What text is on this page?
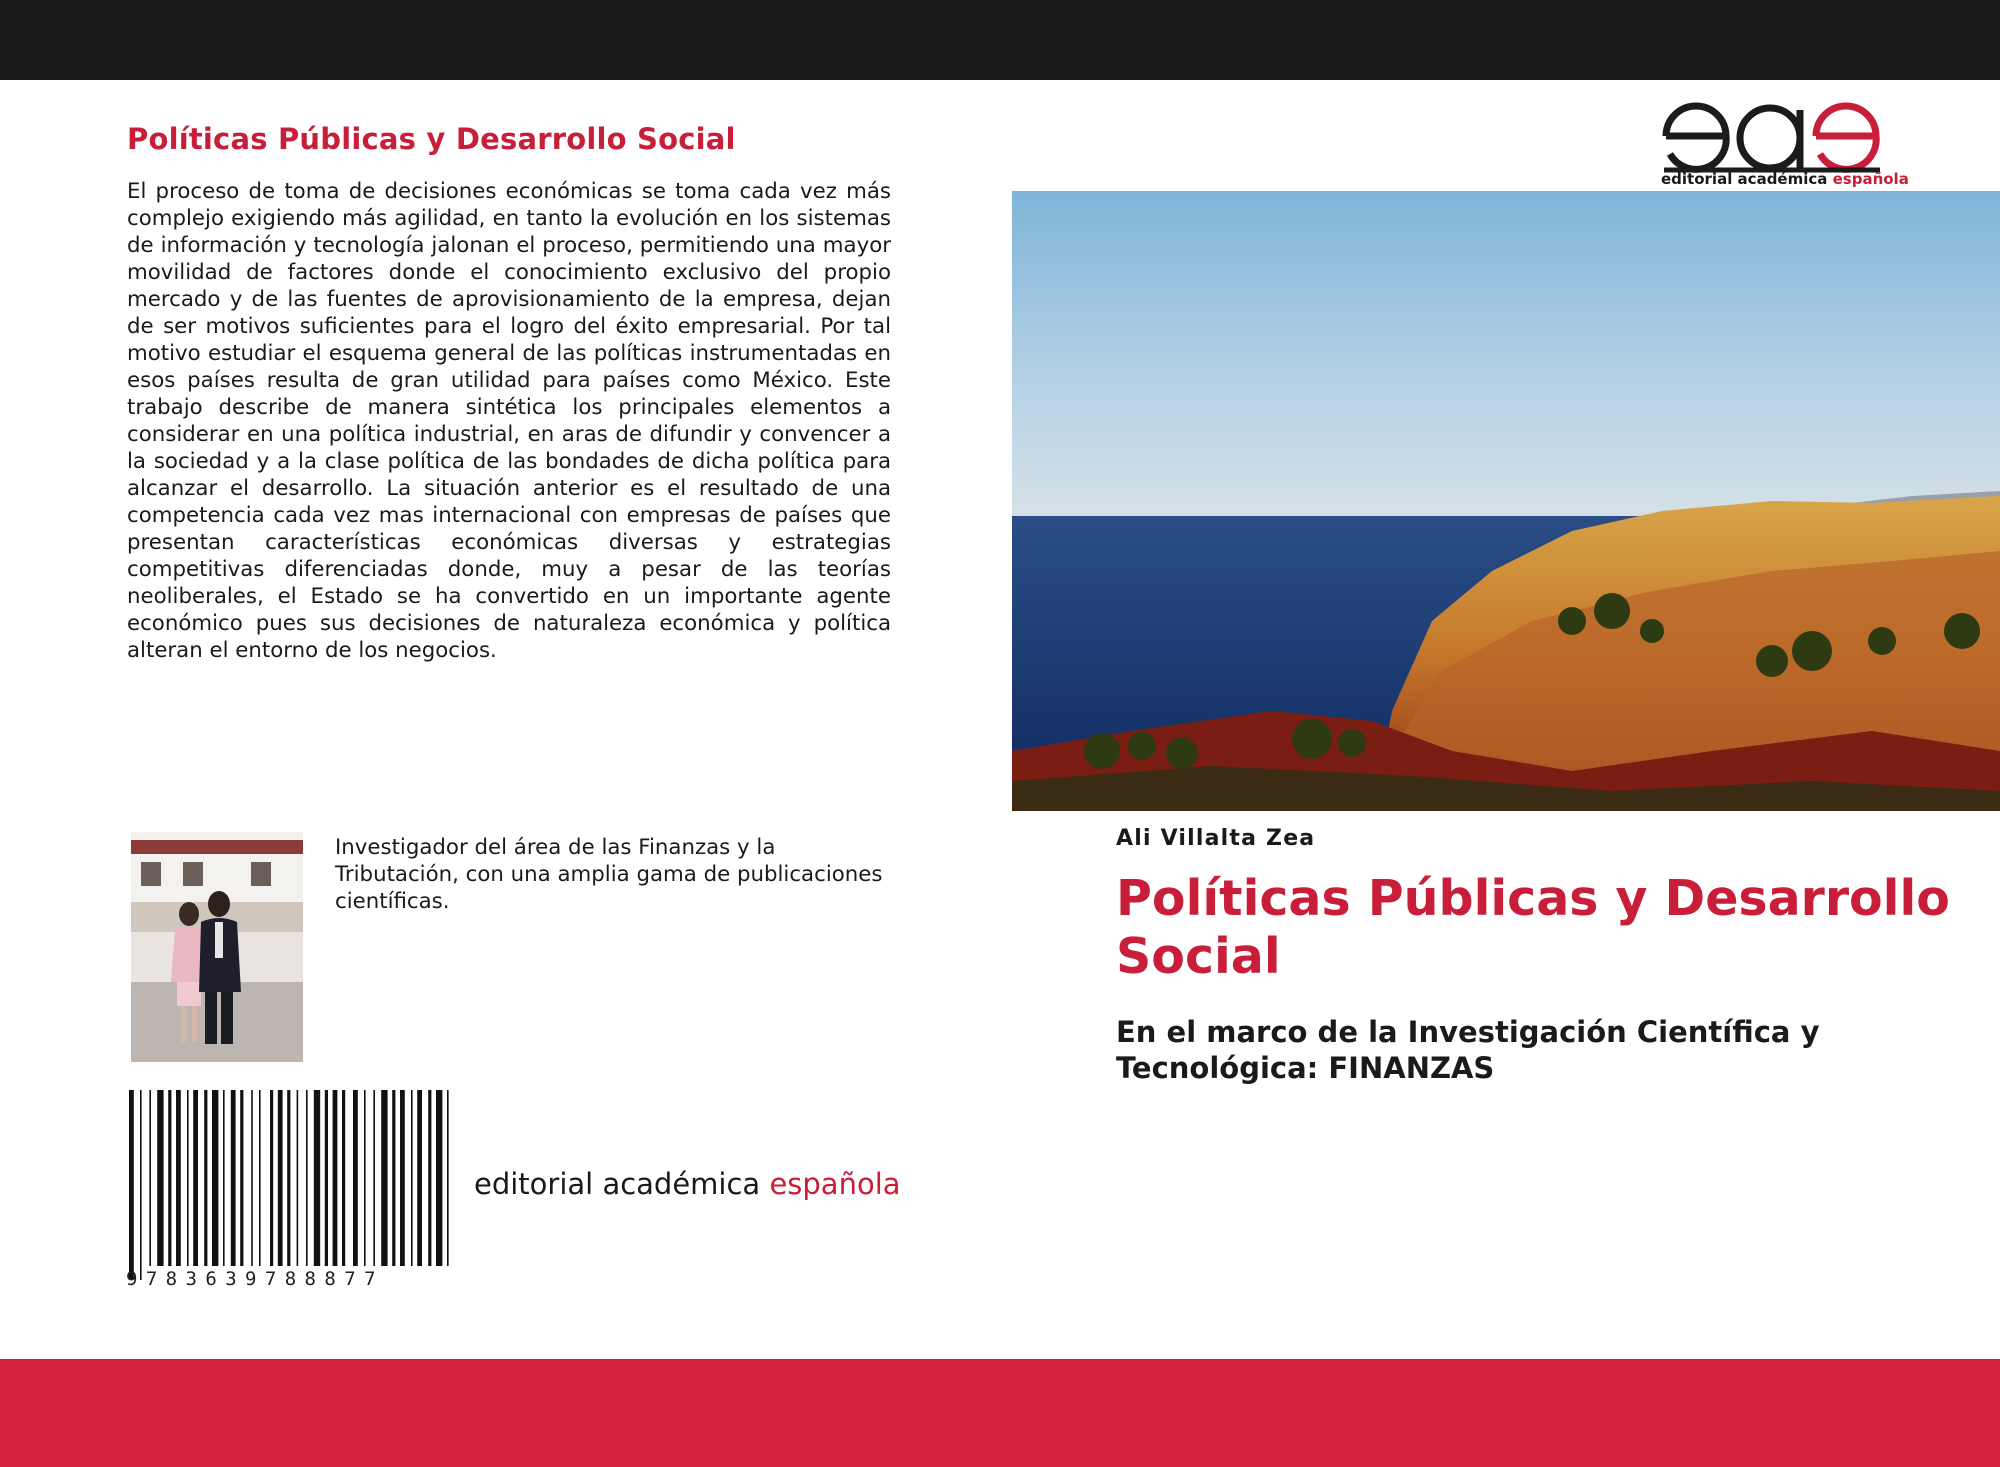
Políticas Públicas y Desarrollo Social
El proceso de toma de decisiones económicas se toma cada vez más complejo exigiendo más agilidad, en tanto la evolución en los sistemas de información y tecnología jalonan el proceso, permitiendo una mayor movilidad de factores donde el conocimiento exclusivo del propio mercado y de las fuentes de aprovisionamiento de la empresa, dejan de ser motivos suficientes para el logro del éxito empresarial. Por tal motivo estudiar el esquema general de las políticas instrumentadas en esos países resulta de gran utilidad para países como México. Este trabajo describe de manera sintética los principales elementos a considerar en una política industrial, en aras de difundir y convencer a la sociedad y a la clase política de las bondades de dicha política para alcanzar el desarrollo. La situación anterior es el resultado de una competencia cada vez mas internacional con empresas de países que presentan características económicas diversas y estrategias competitivas diferenciadas donde, muy a pesar de las teorías neoliberales, el Estado se ha convertido en un importante agente económico pues sus decisiones de naturaleza económica y política alteran el entorno de los negocios.
Investigador del área de las Finanzas y la Tributación, con una amplia gama de publicaciones científicas.
9783639788877
editorial académica española
editorial académica española
Ali Villalta Zea
Políticas Públicas y Desarrollo Social
En el marco de la Investigación Científica y Tecnológica: FINANZAS
